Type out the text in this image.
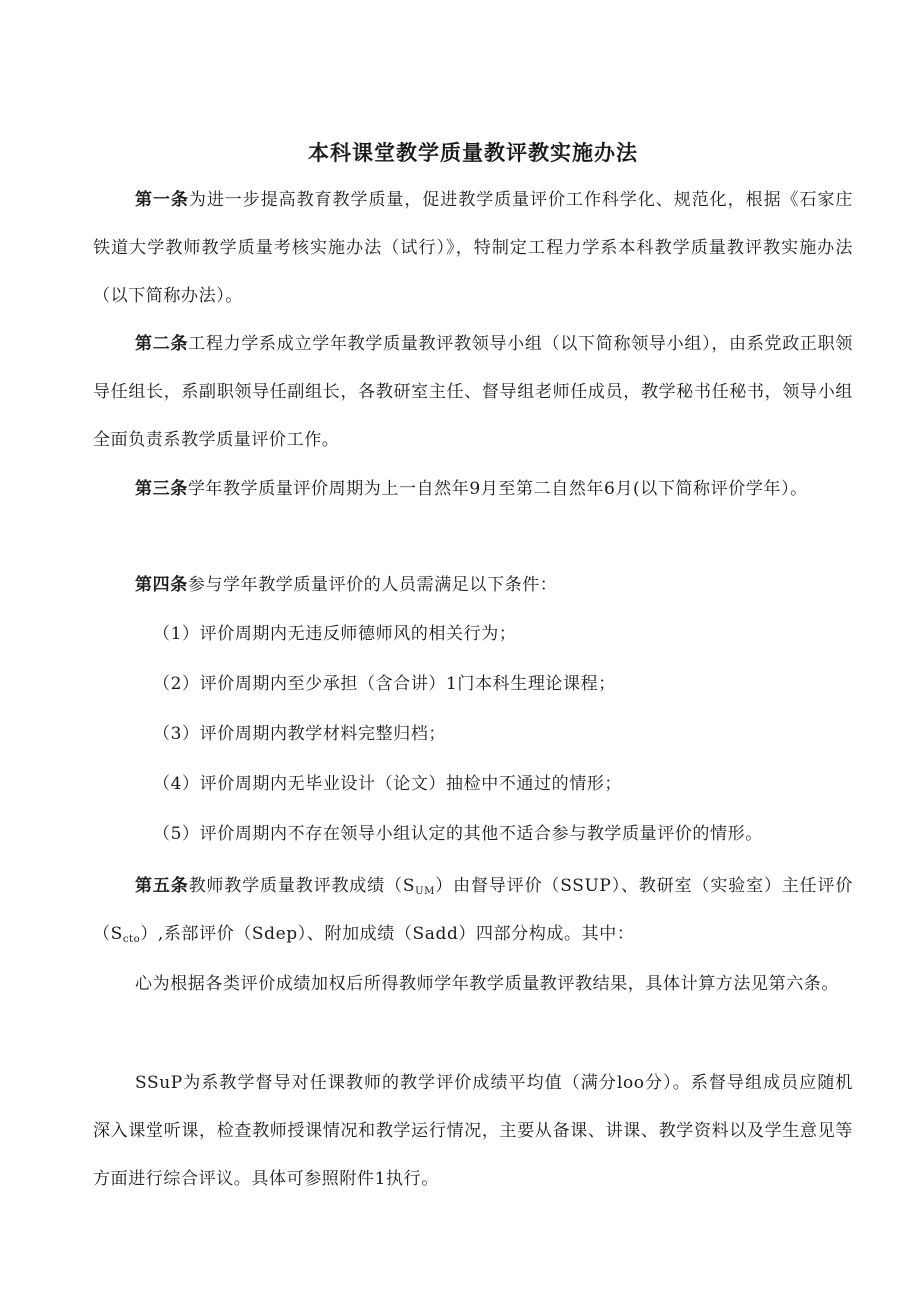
本科课堂教学质量教评教实施办法

第一条为进一步提高教育教学质量，促进教学质量评价工作科学化、规范化，根据《石家庄铁道大学教师教学质量考核实施办法（试行）》，特制定工程力学系本科教学质量教评教实施办法（以下简称办法）。

第二条工程力学系成立学年教学质量教评教领导小组（以下简称领导小组），由系党政正职领导任组长，系副职领导任副组长，各教研室主任、督导组老师任成员，教学秘书任秘书，领导小组全面负责系教学质量评价工作。

第三条学年教学质量评价周期为上一自然年9月至第二自然年6月(以下简称评价学年）。

第四条参与学年教学质量评价的人员需满足以下条件：

（1）评价周期内无违反师德师风的相关行为；

（2）评价周期内至少承担（含合讲）1门本科生理论课程；

（3）评价周期内教学材料完整归档；

（4）评价周期内无毕业设计（论文）抽检中不通过的情形；

（5）评价周期内不存在领导小组认定的其他不适合参与教学质量评价的情形。

第五条教师教学质量教评教成绩$(S_{UM})$由督导评价（SSUP）、教研室（实验室）主任评价$(S_{cto})$,系部评价（Sdep）、附加成绩（Sadd）四部分构成。其中：

心为根据各类评价成绩加权后所得教师学年教学质量教评教结果，具体计算方法见第六条。

SSuP为系教学督导对任课教师的教学评价成绩平均值（满分loo分）。系督导组成员应随机深入课堂听课，检查教师授课情况和教学运行情况，主要从备课、讲课、教学资料以及学生意见等方面进行综合评议。具体可参照附件1执行。
